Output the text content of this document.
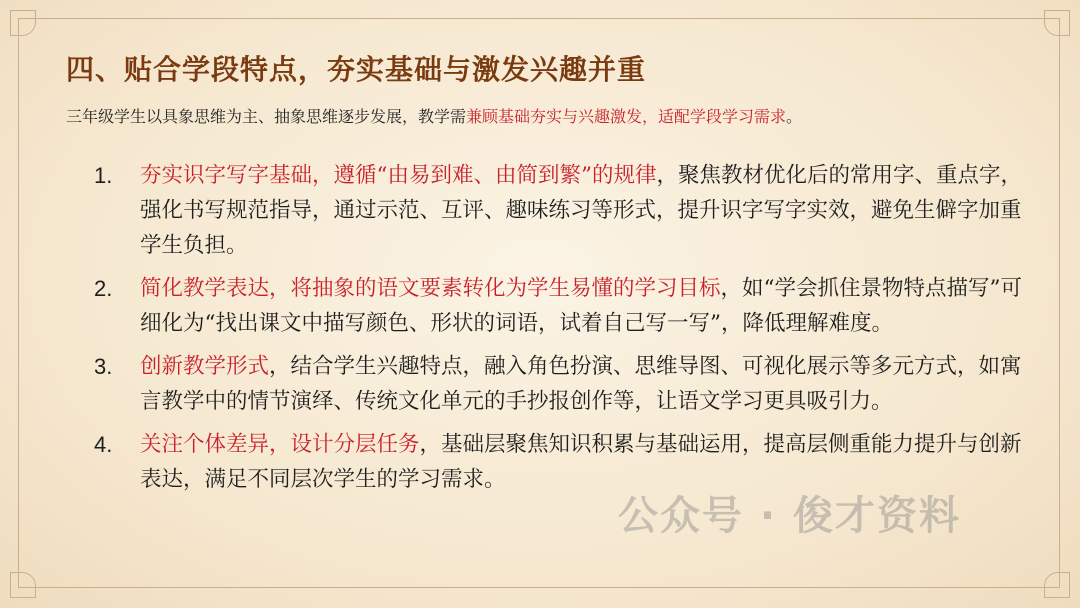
四、贴合学段特点，夯实基础与激发兴趣并重
三年级学生以具象思维为主、抽象思维逐步发展，教学需兼顾基础夯实与兴趣激发，适配学段学习需求。
1. 夯实识字写字基础，遵循“由易到难、由简到繁”的规律，聚焦教材优化后的常用字、重点字，强化书写规范指导，通过示范、互评、趣味练习等形式，提升识字写字实效，避免生僻字加重学生负担。
2. 简化教学表达，将抽象的语文要素转化为学生易懂的学习目标，如“学会抓住景物特点描写”可细化为“找出课文中描写颜色、形状的词语，试着自己写一写”，降低理解难度。
3. 创新教学形式，结合学生兴趣特点，融入角色扮演、思维导图、可视化展示等多元方式，如寓言教学中的情节演绎、传统文化单元的手抄报创作等，让语文学习更具吸引力。
4. 关注个体差异，设计分层任务，基础层聚焦知识积累与基础运用，提高层侧重能力提升与创新表达，满足不同层次学生的学习需求。
公众号 · 俊才资料
